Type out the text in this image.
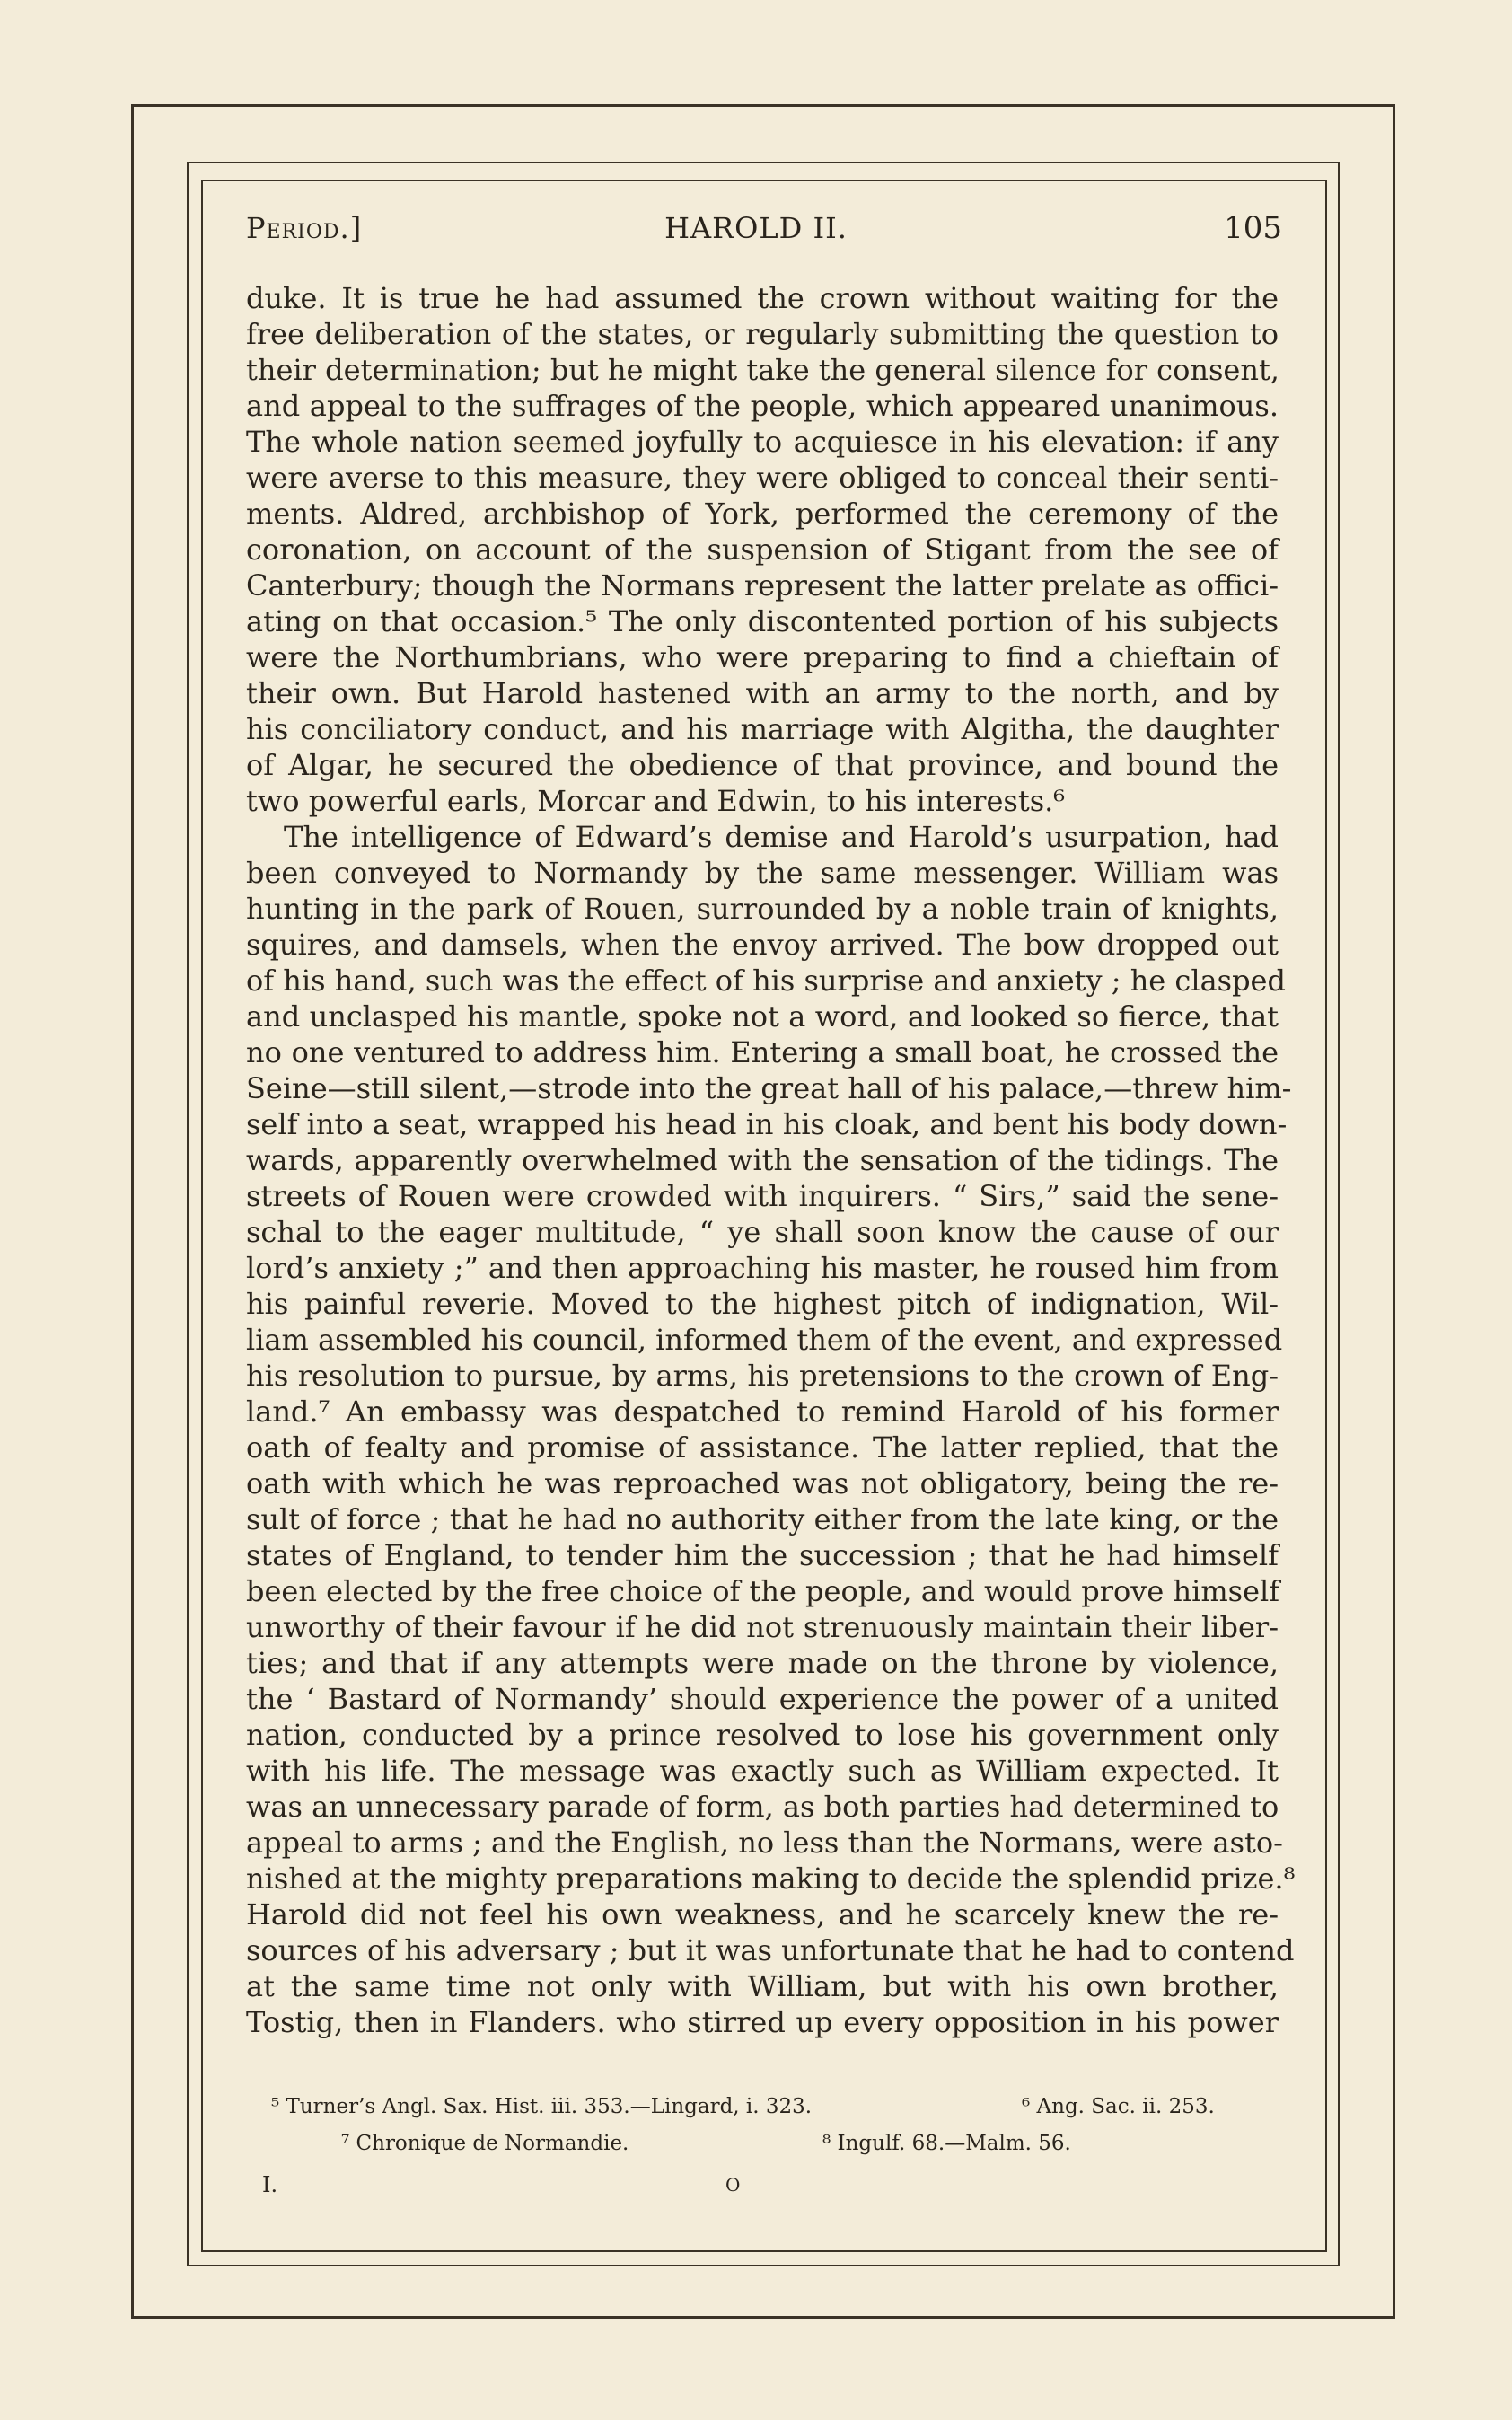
Period.]	HAROLD II.	105
duke. It is true he had assumed the crown without waiting for the
free deliberation of the states, or regularly submitting the question to
their determination; but he might take the general silence for consent,
and appeal to the suffrages of the people, which appeared unanimous.
The whole nation seemed joyfully to acquiesce in his elevation: if any
were averse to this measure, they were obliged to conceal their senti-
ments. Aldred, archbishop of York, performed the ceremony of the
coronation, on account of the suspension of Stigant from the see of
Canterbury; though the Normans represent the latter prelate as offici-
ating on that occasion.⁵ The only discontented portion of his subjects
were the Northumbrians, who were preparing to find a chieftain of
their own. But Harold hastened with an army to the north, and by
his conciliatory conduct, and his marriage with Algitha, the daughter
of Algar, he secured the obedience of that province, and bound the
two powerful earls, Morcar and Edwin, to his interests.⁶
The intelligence of Edward’s demise and Harold’s usurpation, had
been conveyed to Normandy by the same messenger. William was
hunting in the park of Rouen, surrounded by a noble train of knights,
squires, and damsels, when the envoy arrived. The bow dropped out
of his hand, such was the effect of his surprise and anxiety ; he clasped
and unclasped his mantle, spoke not a word, and looked so fierce, that
no one ventured to address him. Entering a small boat, he crossed the
Seine—still silent,—strode into the great hall of his palace,—threw him-
self into a seat, wrapped his head in his cloak, and bent his body down-
wards, apparently overwhelmed with the sensation of the tidings. The
streets of Rouen were crowded with inquirers. “ Sirs,” said the sene-
schal to the eager multitude, “ ye shall soon know the cause of our
lord’s anxiety ;” and then approaching his master, he roused him from
his painful reverie. Moved to the highest pitch of indignation, Wil-
liam assembled his council, informed them of the event, and expressed
his resolution to pursue, by arms, his pretensions to the crown of Eng-
land.⁷ An embassy was despatched to remind Harold of his former
oath of fealty and promise of assistance. The latter replied, that the
oath with which he was reproached was not obligatory, being the re-
sult of force ; that he had no authority either from the late king, or the
states of England, to tender him the succession ; that he had himself
been elected by the free choice of the people, and would prove himself
unworthy of their favour if he did not strenuously maintain their liber-
ties; and that if any attempts were made on the throne by violence,
the ‘ Bastard of Normandy’ should experience the power of a united
nation, conducted by a prince resolved to lose his government only
with his life. The message was exactly such as William expected. It
was an unnecessary parade of form, as both parties had determined to
appeal to arms ; and the English, no less than the Normans, were asto-
nished at the mighty preparations making to decide the splendid prize.⁸
Harold did not feel his own weakness, and he scarcely knew the re-
sources of his adversary ; but it was unfortunate that he had to contend
at the same time not only with William, but with his own brother,
Tostig, then in Flanders. who stirred up every opposition in his power
⁵ Turner’s Angl. Sax. Hist. iii. 353.—Lingard, i. 323.	⁶ Ang. Sac. ii. 253.
⁷ Chronique de Normandie.	⁸ Ingulf. 68.—Malm. 56.
I.	O
